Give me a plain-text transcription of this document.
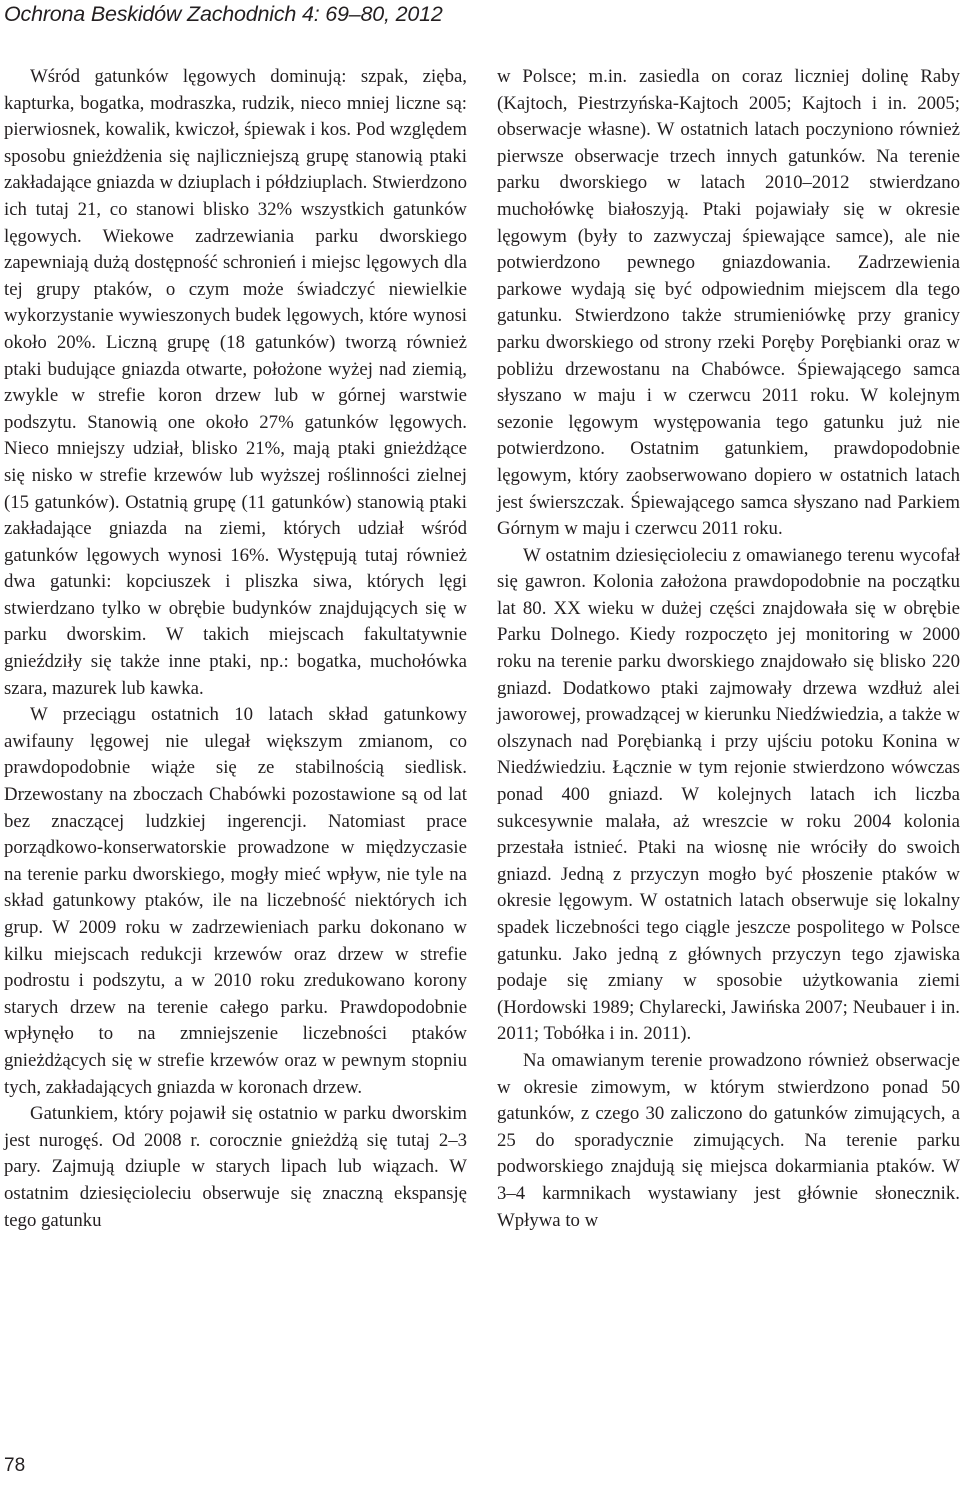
Ochrona Beskidów Zachodnich 4: 69–80, 2012

Wśród gatunków lęgowych dominują: szpak, zięba, kapturka, bogatka, modraszka, rudzik, nieco mniej liczne są: pierwiosnek, kowalik, kwiczoł, śpiewak i kos. Pod względem sposobu gnieżdżenia się najliczniejszą grupę stanowią ptaki zakładające gniazda w dziuplach i półdziuplach. Stwierdzono ich tutaj 21, co stanowi blisko 32% wszystkich gatunków lęgowych. Wiekowe zadrzewiania parku dworskiego zapewniają dużą dostępność schronień i miejsc lęgowych dla tej grupy ptaków, o czym może świadczyć niewielkie wykorzystanie wywieszonych budek lęgowych, które wynosi około 20%. Liczną grupę (18 gatunków) tworzą również ptaki budujące gniazda otwarte, położone wyżej nad ziemią, zwykle w strefie koron drzew lub w górnej warstwie podszytu. Stanowią one około 27% gatunków lęgowych. Nieco mniejszy udział, blisko 21%, mają ptaki gnieżdżące się nisko w strefie krzewów lub wyższej roślinności zielnej (15 gatunków). Ostatnią grupę (11 gatunków) stanowią ptaki zakładające gniazda na ziemi, których udział wśród gatunków lęgowych wynosi 16%. Występują tutaj również dwa gatunki: kopciuszek i pliszka siwa, których lęgi stwierdzano tylko w obrębie budynków znajdujących się w parku dworskim. W takich miejscach fakultatywnie gnieździły się także inne ptaki, np.: bogatka, muchołówka szara, mazurek lub kawka.

W przeciągu ostatnich 10 latach skład gatunkowy awifauny lęgowej nie ulegał większym zmianom, co prawdopodobnie wiąże się ze stabilnością siedlisk. Drzewostany na zboczach Chabówki pozostawione są od lat bez znaczącej ludzkiej ingerencji. Natomiast prace porządkowo-konserwatorskie prowadzone w międzyczasie na terenie parku dworskiego, mogły mieć wpływ, nie tyle na skład gatunkowy ptaków, ile na liczebność niektórych ich grup. W 2009 roku w zadrzewieniach parku dokonano w kilku miejscach redukcji krzewów oraz drzew w strefie podrostu i podszytu, a w 2010 roku zredukowano korony starych drzew na terenie całego parku. Prawdopodobnie wpłynęło to na zmniejszenie liczebności ptaków gnieżdżących się w strefie krzewów oraz w pewnym stopniu tych, zakładających gniazda w koronach drzew.

Gatunkiem, który pojawił się ostatnio w parku dworskim jest nurogęś. Od 2008 r. corocznie gnieżdżą się tutaj 2–3 pary. Zajmują dziuple w starych lipach lub wiązach. W ostatnim dziesięcioleciu obserwuje się znaczną ekspansję tego gatunku

w Polsce; m.in. zasiedla on coraz liczniej dolinę Raby (Kajtoch, Piestrzyńska-Kajtoch 2005; Kajtoch i in. 2005; obserwacje własne). W ostatnich latach poczyniono również pierwsze obserwacje trzech innych gatunków. Na terenie parku dworskiego w latach 2010–2012 stwierdzano muchołówkę białoszyją. Ptaki pojawiały się w okresie lęgowym (były to zazwyczaj śpiewające samce), ale nie potwierdzono pewnego gniazdowania. Zadrzewienia parkowe wydają się być odpowiednim miejscem dla tego gatunku. Stwierdzono także strumieniówkę przy granicy parku dworskiego od strony rzeki Poręby Porębianki oraz w pobliżu drzewostanu na Chabówce. Śpiewającego samca słyszano w maju i w czerwcu 2011 roku. W kolejnym sezonie lęgowym występowania tego gatunku już nie potwierdzono. Ostatnim gatunkiem, prawdopodobnie lęgowym, który zaobserwowano dopiero w ostatnich latach jest świerszczak. Śpiewającego samca słyszano nad Parkiem Górnym w maju i czerwcu 2011 roku.

W ostatnim dziesięcioleciu z omawianego terenu wycofał się gawron. Kolonia założona prawdopodobnie na początku lat 80. XX wieku w dużej części znajdowała się w obrębie Parku Dolnego. Kiedy rozpoczęto jej monitoring w 2000 roku na terenie parku dworskiego znajdowało się blisko 220 gniazd. Dodatkowo ptaki zajmowały drzewa wzdłuż alei jaworowej, prowadzącej w kierunku Niedźwiedzia, a także w olszynach nad Porębianką i przy ujściu potoku Konina w Niedźwiedziu. Łącznie w tym rejonie stwierdzono wówczas ponad 400 gniazd. W kolejnych latach ich liczba sukcesywnie malała, aż wreszcie w roku 2004 kolonia przestała istnieć. Ptaki na wiosnę nie wróciły do swoich gniazd. Jedną z przyczyn mogło być płoszenie ptaków w okresie lęgowym. W ostatnich latach obserwuje się lokalny spadek liczebności tego ciągle jeszcze pospolitego w Polsce gatunku. Jako jedną z głównych przyczyn tego zjawiska podaje się zmiany w sposobie użytkowania ziemi (Hordowski 1989; Chylarecki, Jawińska 2007; Neubauer i in. 2011; Tobółka i in. 2011).

Na omawianym terenie prowadzono również obserwacje w okresie zimowym, w którym stwierdzono ponad 50 gatunków, z czego 30 zaliczono do gatunków zimujących, a 25 do sporadycznie zimujących. Na terenie parku podworskiego znajdują się miejsca dokarmiania ptaków. W 3–4 karmnikach wystawiany jest głównie słonecznik. Wpływa to w

78
